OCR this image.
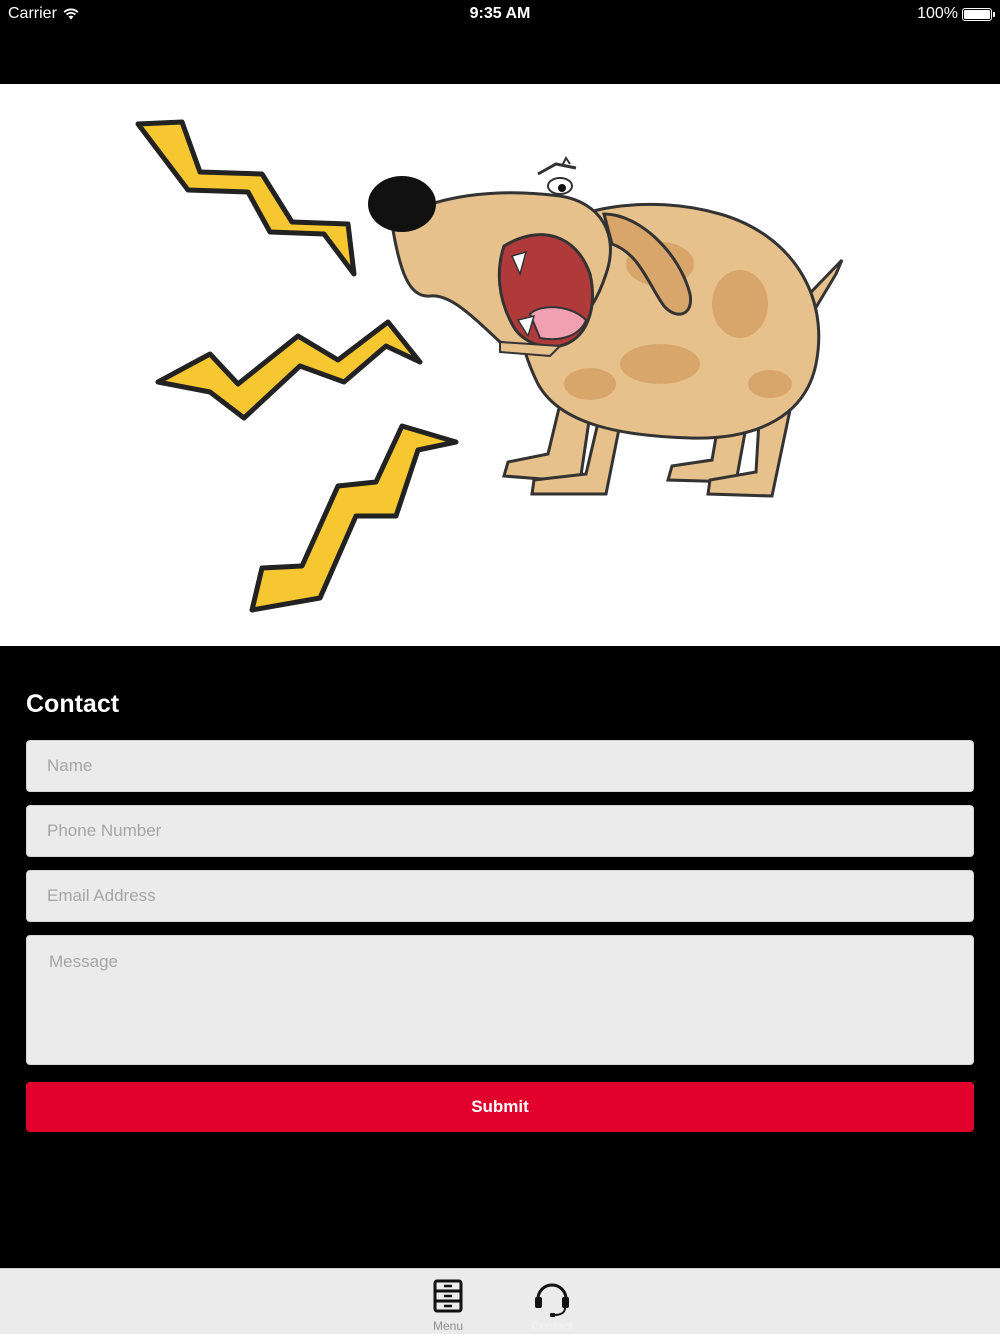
Carrier	9:35 AM	100%
Contact
Name
Phone Number
Email Address
Message
Submit
Menu	Contact
